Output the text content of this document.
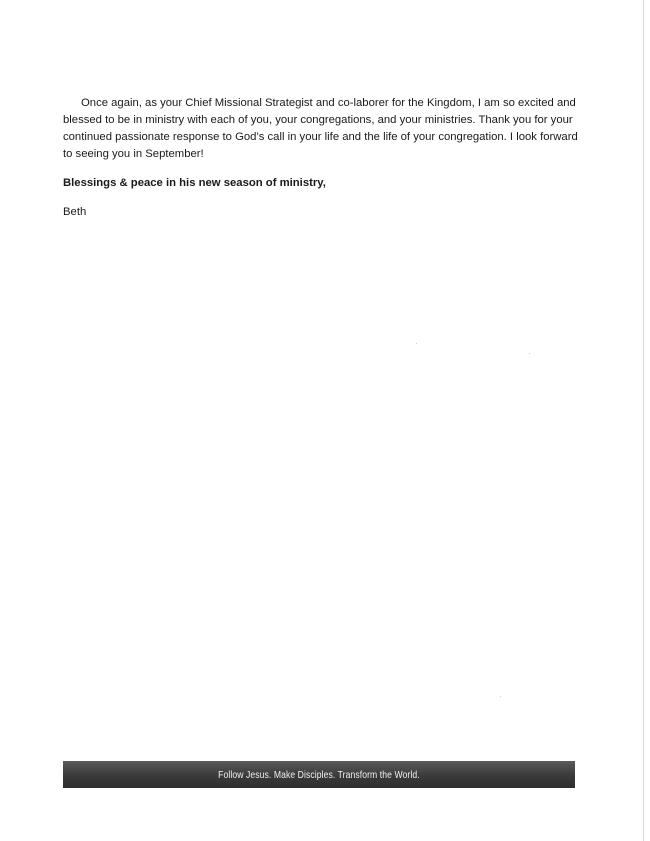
Once again, as your Chief Missional Strategist and co-laborer for the Kingdom, I am so excited and blessed to be in ministry with each of you, your congregations, and your ministries. Thank you for your continued passionate response to God’s call in your life and the life of your congregation. I look forward to seeing you in September!

Blessings & peace in his new season of ministry,

Beth

Follow Jesus. Make Disciples. Transform the World.
